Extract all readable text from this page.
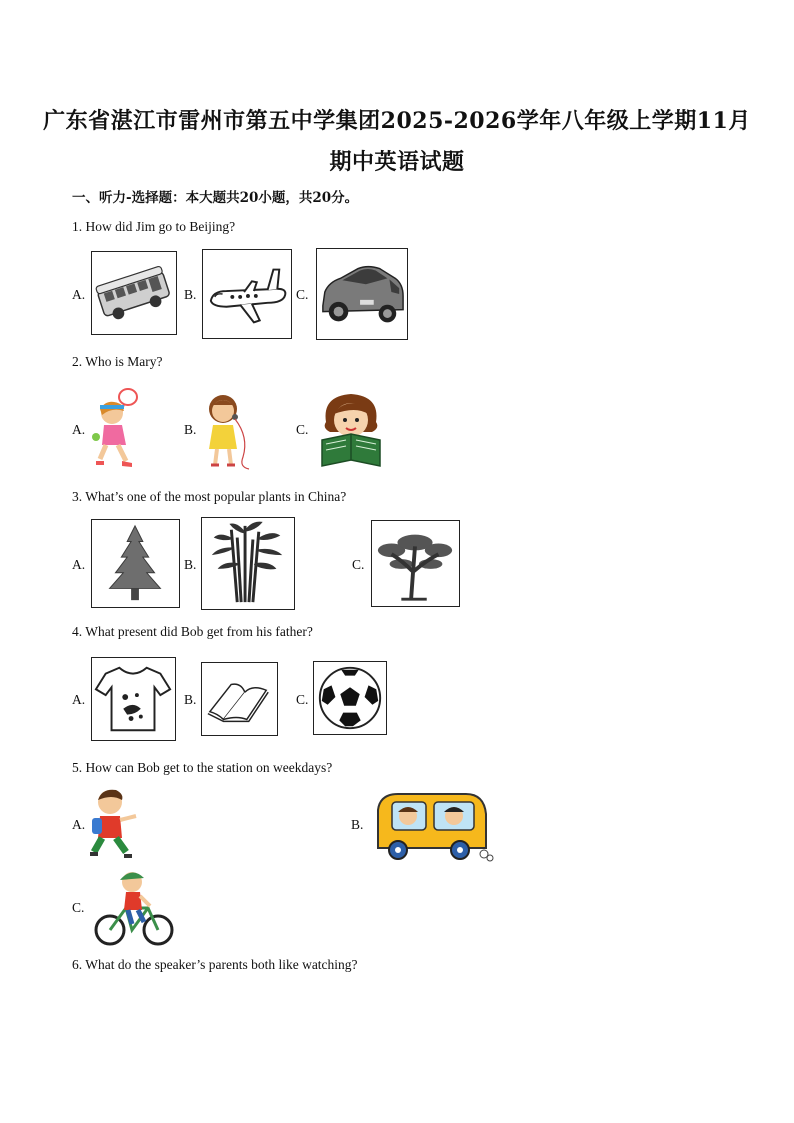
广东省湛江市雷州市第五中学集团2025-2026学年八年级上学期11月
期中英语试题
一、听力-选择题：本大题共20小题，共20分。
1. How did Jim go to Beijing?
A.	B.	C.
2. Who is Mary?
A.	B.	C.
3. What’s one of the most popular plants in China?
A.	B.	C.
4. What present did Bob get from his father?
A.	B.	C.
5. How can Bob get to the station on weekdays?
A.	B.
C.
6. What do the speaker’s parents both like watching?
